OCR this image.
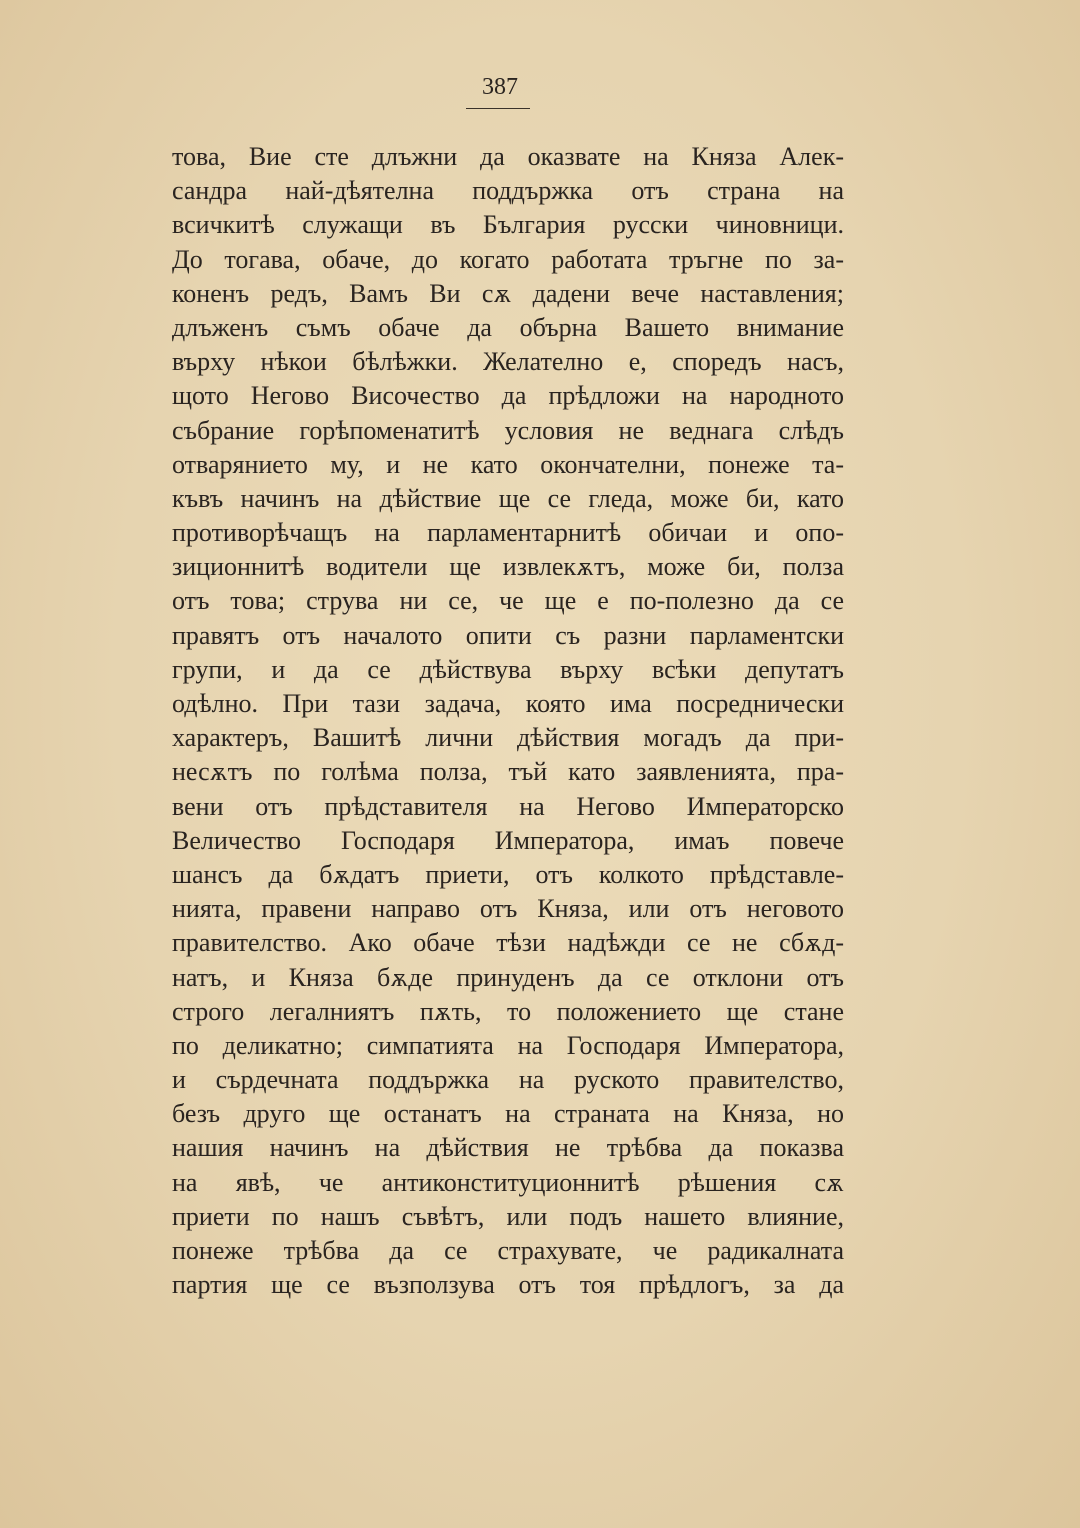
387
това, Вие сте длъжни да оказвате на Княза Алек-
сандра най-дѣятелна поддържка отъ страна на
всичкитѣ служащи въ България русски чиновници.
До тогава, обаче, до когато работата тръгне по за-
коненъ редъ, Вамъ Ви сѫ дадени вече наставления;
длъженъ съмъ обаче да обърна Вашето внимание
върху нѣкои бѣлѣжки. Желателно е, споредъ насъ,
щото Негово Височество да прѣдложи на народното
събрание горѣпоменатитѣ условия не веднага слѣдъ
отварянието му, и не като окончателни, понеже та-
къвъ начинъ на дѣйствие ще се гледа, може би, като
противорѣчащъ на парламентарнитѣ обичаи и опо-
зиционнитѣ водители ще извлекѫтъ, може би, полза
отъ това; струва ни се, че ще е по-полезно да се
правятъ отъ началото опити съ разни парламентски
групи, и да се дѣйствува върху всѣки депутатъ
одѣлно. При тази задача, която има посреднически
характеръ, Вашитѣ лични дѣйствия могадъ да при-
несѫтъ по голѣма полза, тъй като заявленията, пра-
вени отъ прѣдставителя на Негово Императорско
Величество Господаря Императора, имаъ повече
шансъ да бѫдатъ приети, отъ колкото прѣдставле-
нията, правени направо отъ Княза, или отъ неговото
правителство. Ако обаче тѣзи надѣжди се не сбѫд-
натъ, и Княза бѫде принуденъ да се отклони отъ
строго легалниятъ пѫть, то положението ще стане
по деликатно; симпатията на Господаря Императора,
и сърдечната поддържка на руското правителство,
безъ друго ще останатъ на страната на Княза, но
нашия начинъ на дѣйствия не трѣбва да показва
на явѣ, че антиконституционнитѣ рѣшения сѫ
приети по нашъ съвѣтъ, или подъ нашето влияние,
понеже трѣбва да се страхувате, че радикалната
партия ще се възползува отъ тоя прѣдлогъ, за да
